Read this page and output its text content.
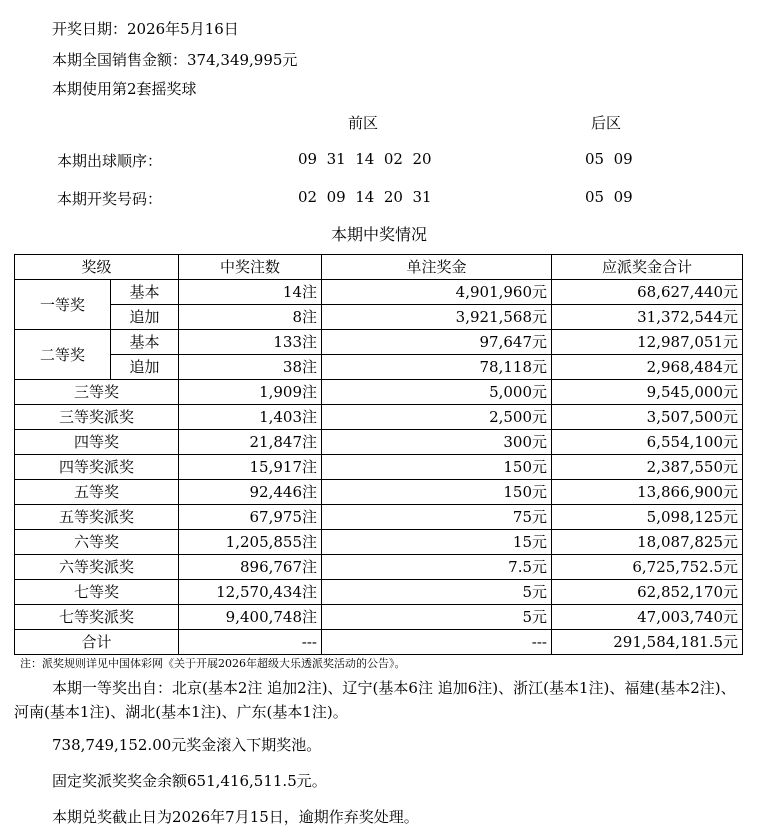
开奖日期：2026年5月16日
本期全国销售金额：374,349,995元
本期使用第2套摇奖球
前区	后区
本期出球顺序：	09  31  14  02  20	05  09
本期开奖号码：	02  09  14  20  31	05  09
本期中奖情况
奖级		中奖注数	单注奖金	应派奖金合计
一等奖	基本	14注	4,901,960元	68,627,440元
	追加	8注	3,921,568元	31,372,544元
二等奖	基本	133注	97,647元	12,987,051元
	追加	38注	78,118元	2,968,484元
三等奖		1,909注	5,000元	9,545,000元
三等奖派奖		1,403注	2,500元	3,507,500元
四等奖		21,847注	300元	6,554,100元
四等奖派奖		15,917注	150元	2,387,550元
五等奖		92,446注	150元	13,866,900元
五等奖派奖		67,975注	75元	5,098,125元
六等奖		1,205,855注	15元	18,087,825元
六等奖派奖		896,767注	7.5元	6,725,752.5元
七等奖		12,570,434注	5元	62,852,170元
七等奖派奖		9,400,748注	5元	47,003,740元
合计		---	---	291,584,181.5元
注：派奖规则详见中国体彩网《关于开展2026年超级大乐透派奖活动的公告》。
本期一等奖出自：北京(基本2注 追加2注)、辽宁(基本6注 追加6注)、浙江(基本1注)、福建(基本2注)、河南(基本1注)、湖北(基本1注)、广东(基本1注)。
738,749,152.00元奖金滚入下期奖池。
固定奖派奖奖金余额651,416,511.5元。
本期兑奖截止日为2026年7月15日，逾期作弃奖处理。
